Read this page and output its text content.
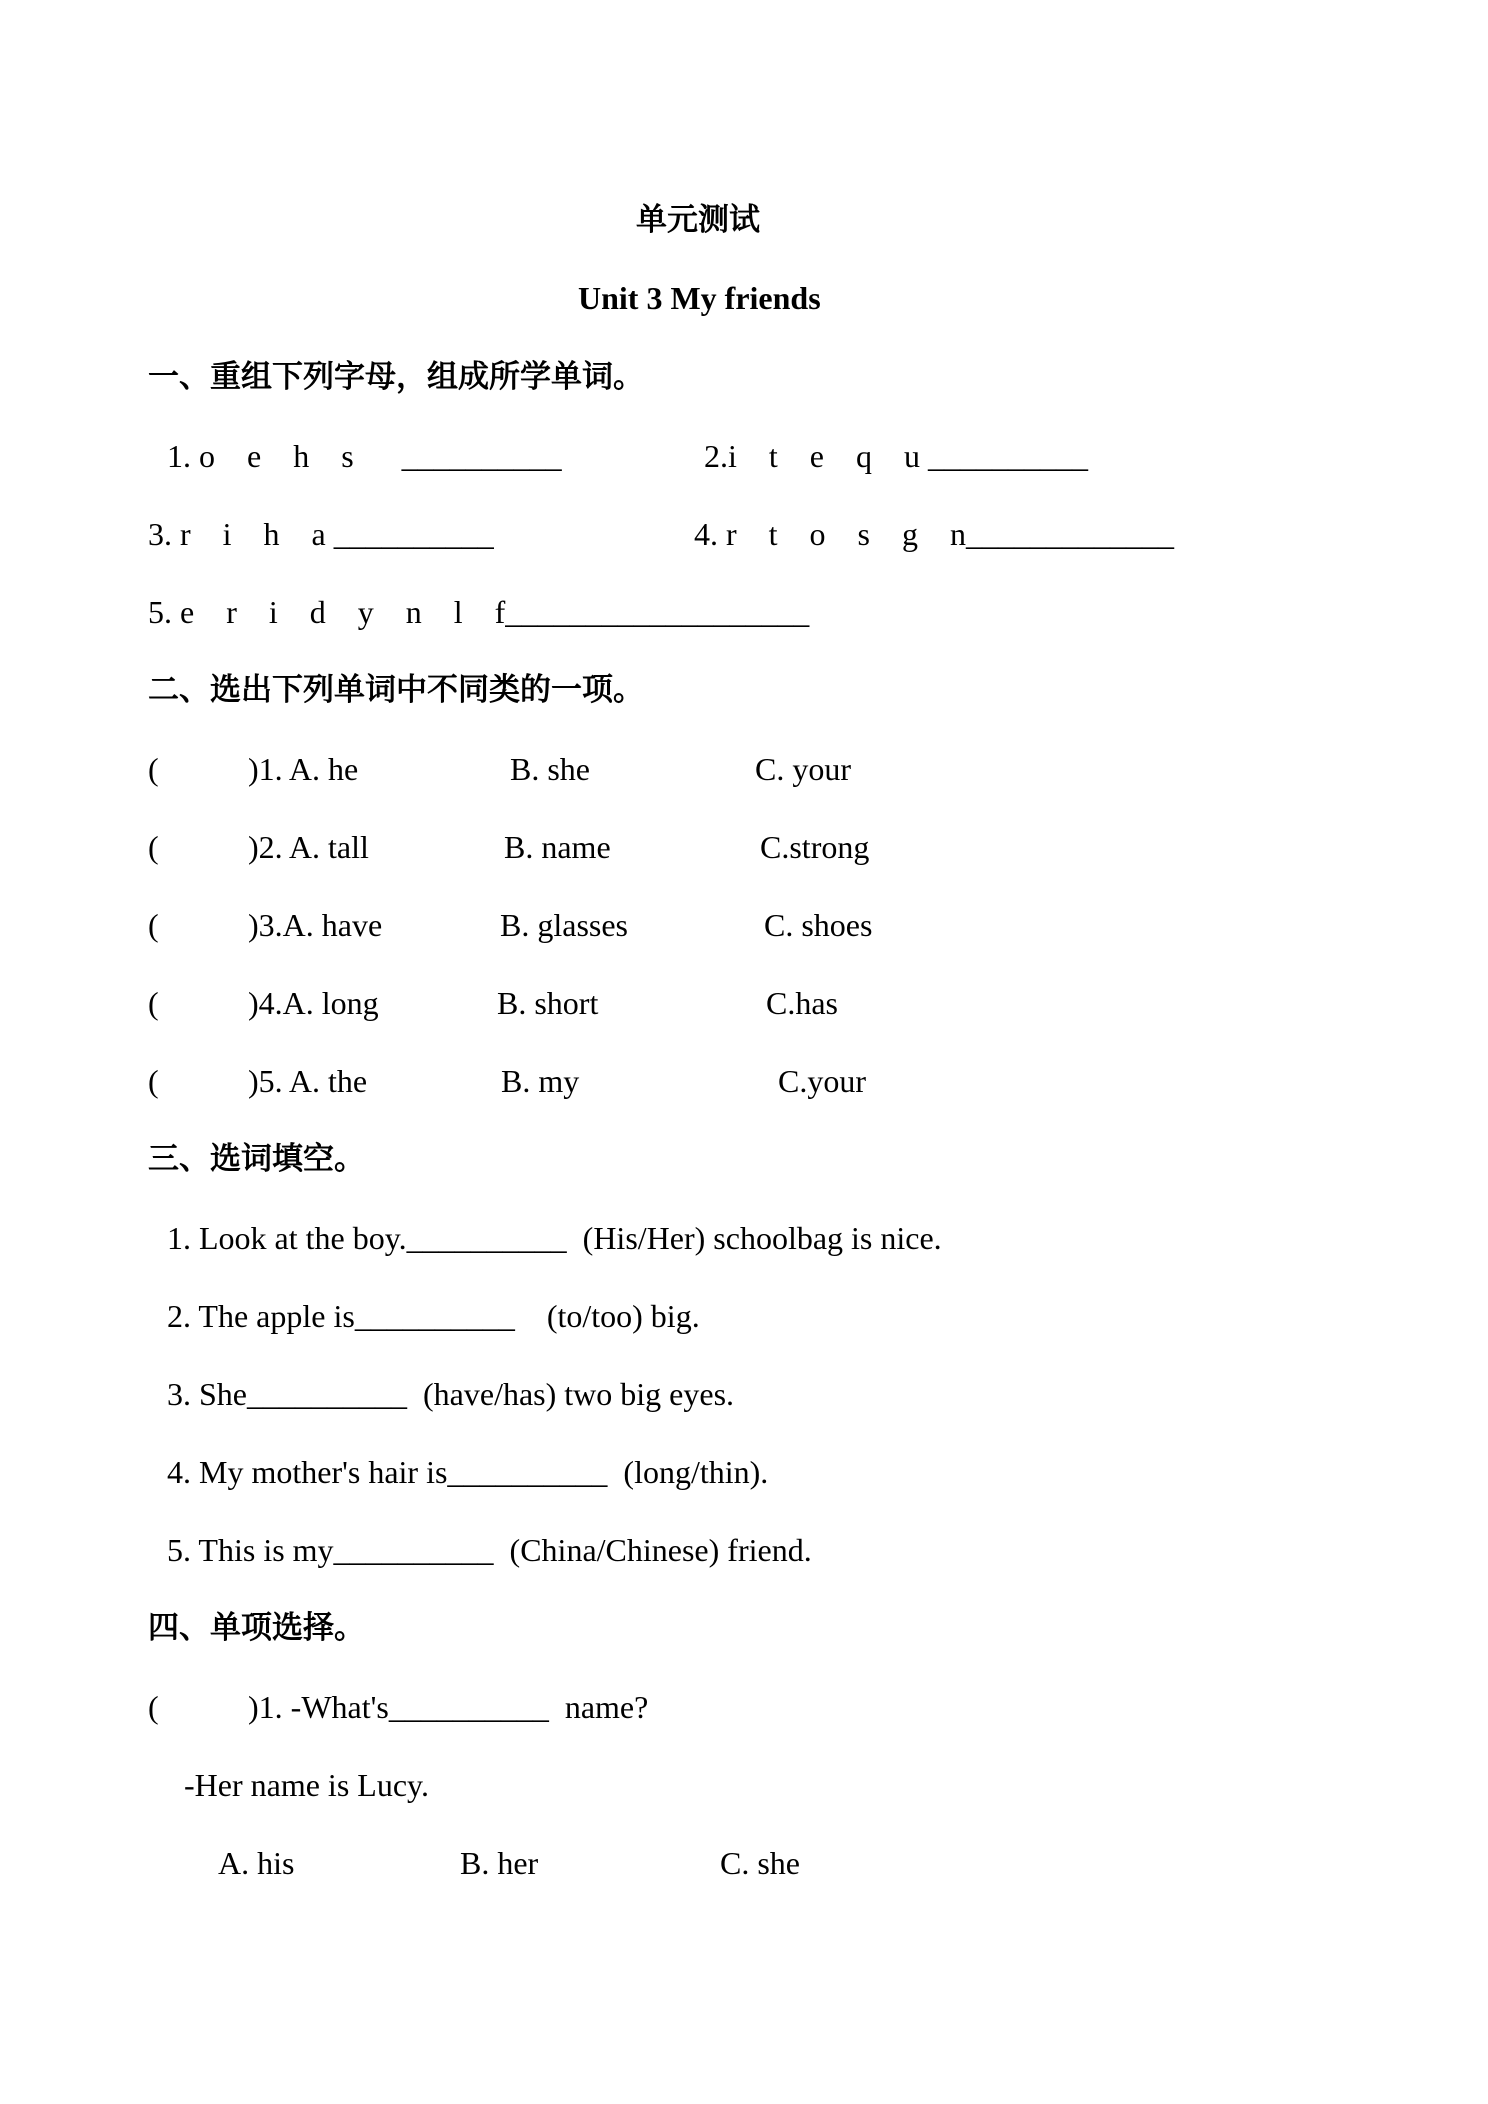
单元测试
Unit 3 My friends
一、重组下列字母，组成所学单词。
1. o    e    h    s      __________	2.i    t    e    q    u __________
3. r    i    h    a __________	4. r    t    o    s    g    n_____________
5. e    r    i    d    y    n    l    f___________________
二、选出下列单词中不同类的一项。
(	)1. A. he	B. she	C. your
(	)2. A. tall	B. name	C.strong
(	)3.A. have	B. glasses	C. shoes
(	)4.A. long	B. short	C.has
(	)5. A. the	B. my	C.your
三、选词填空。
1. Look at the boy.__________  (His/Her) schoolbag is nice.
2. The apple is__________    (to/too) big.
3. She__________  (have/has) two big eyes.
4. My mother's hair is__________  (long/thin).
5. This is my__________  (China/Chinese) friend.
四、单项选择。
(	)1. -What's__________  name?
-Her name is Lucy.
A. his	B. her	C. she
